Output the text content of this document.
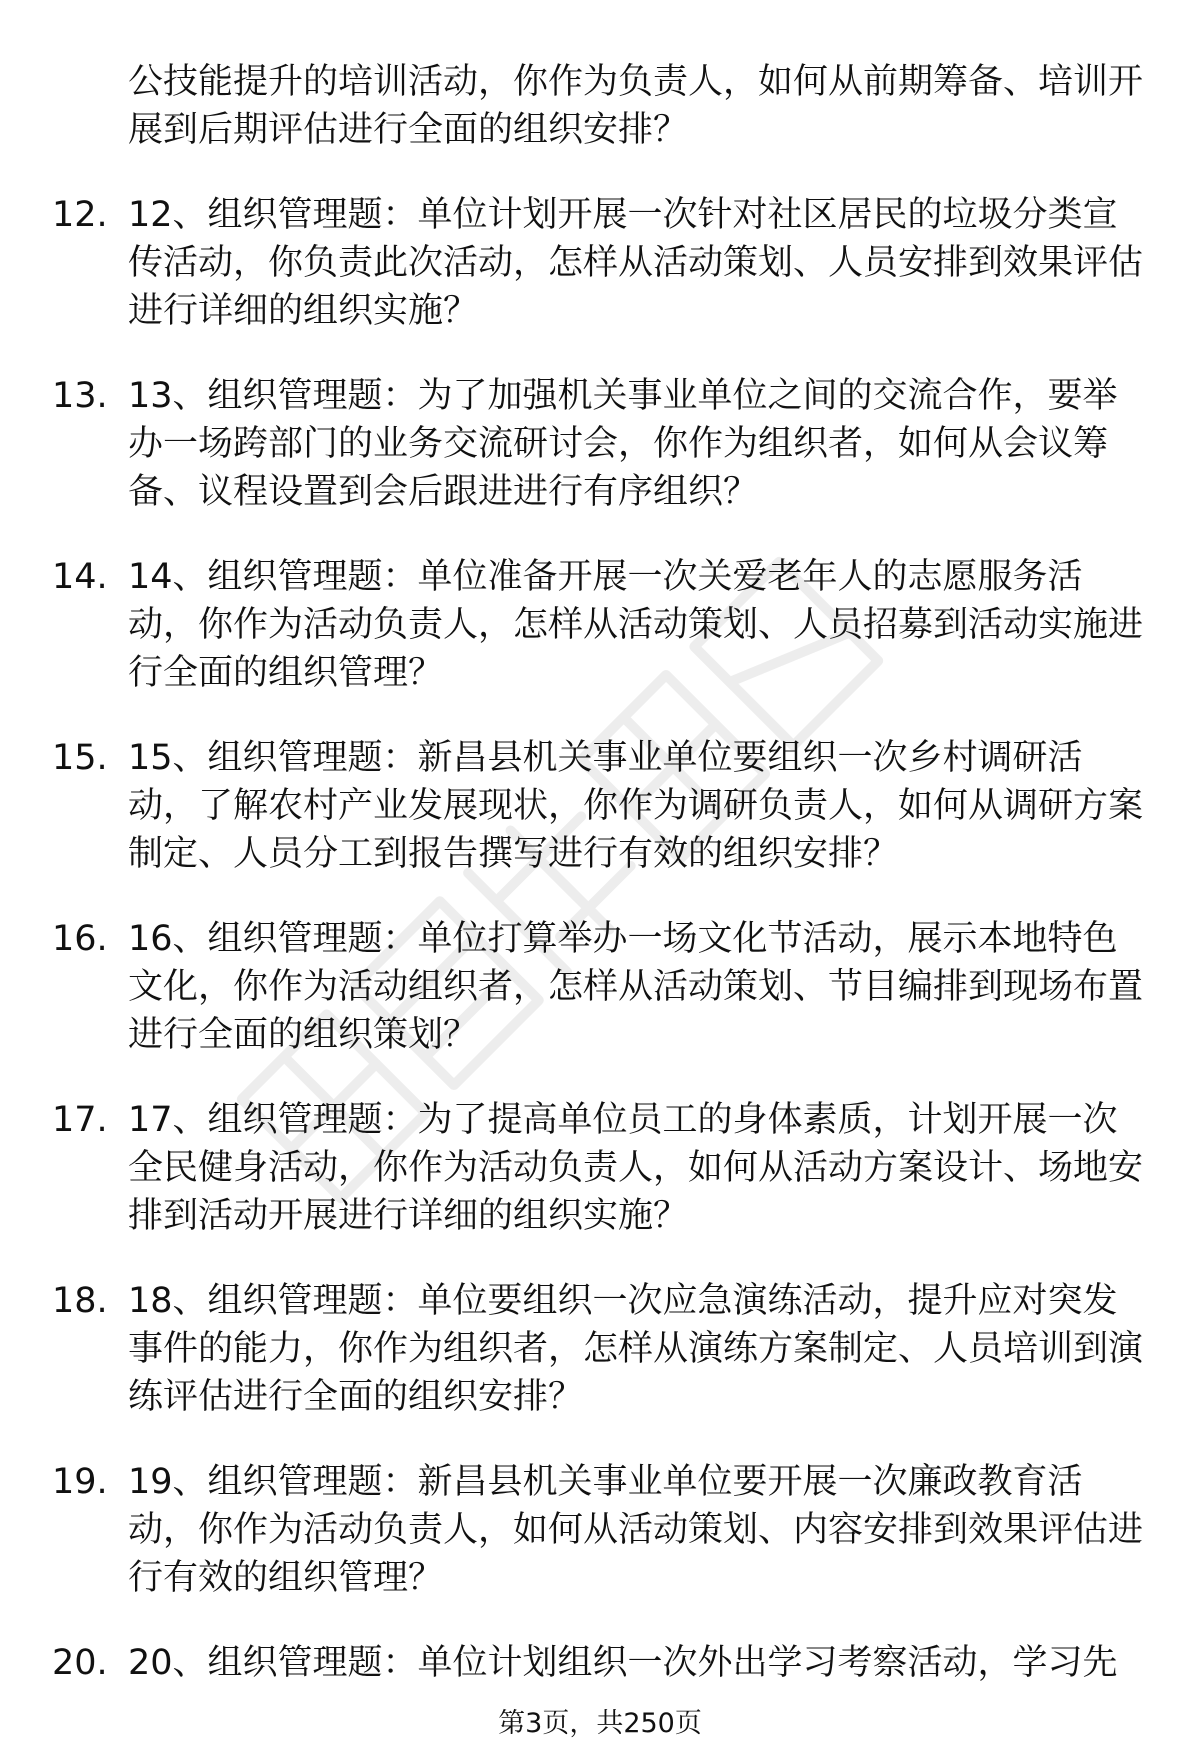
公技能提升的培训活动，你作为负责人，如何从前期筹备、培训开展到后期评估进行全面的组织安排？
12. 12、组织管理题：单位计划开展一次针对社区居民的垃圾分类宣传活动，你负责此次活动，怎样从活动策划、人员安排到效果评估进行详细的组织实施？
13. 13、组织管理题：为了加强机关事业单位之间的交流合作，要举办一场跨部门的业务交流研讨会，你作为组织者，如何从会议筹备、议程设置到会后跟进进行有序组织？
14. 14、组织管理题：单位准备开展一次关爱老年人的志愿服务活动，你作为活动负责人，怎样从活动策划、人员招募到活动实施进行全面的组织管理？
15. 15、组织管理题：新昌县机关事业单位要组织一次乡村调研活动，了解农村产业发展现状，你作为调研负责人，如何从调研方案制定、人员分工到报告撰写进行有效的组织安排？
16. 16、组织管理题：单位打算举办一场文化节活动，展示本地特色文化，你作为活动组织者，怎样从活动策划、节目编排到现场布置进行全面的组织策划？
17. 17、组织管理题：为了提高单位员工的身体素质，计划开展一次全民健身活动，你作为活动负责人，如何从活动方案设计、场地安排到活动开展进行详细的组织实施？
18. 18、组织管理题：单位要组织一次应急演练活动，提升应对突发事件的能力，你作为组织者，怎样从演练方案制定、人员培训到演练评估进行全面的组织安排？
19. 19、组织管理题：新昌县机关事业单位要开展一次廉政教育活动，你作为活动负责人，如何从活动策划、内容安排到效果评估进行有效的组织管理？
20. 20、组织管理题：单位计划组织一次外出学习考察活动，学习先
第3页，共250页
